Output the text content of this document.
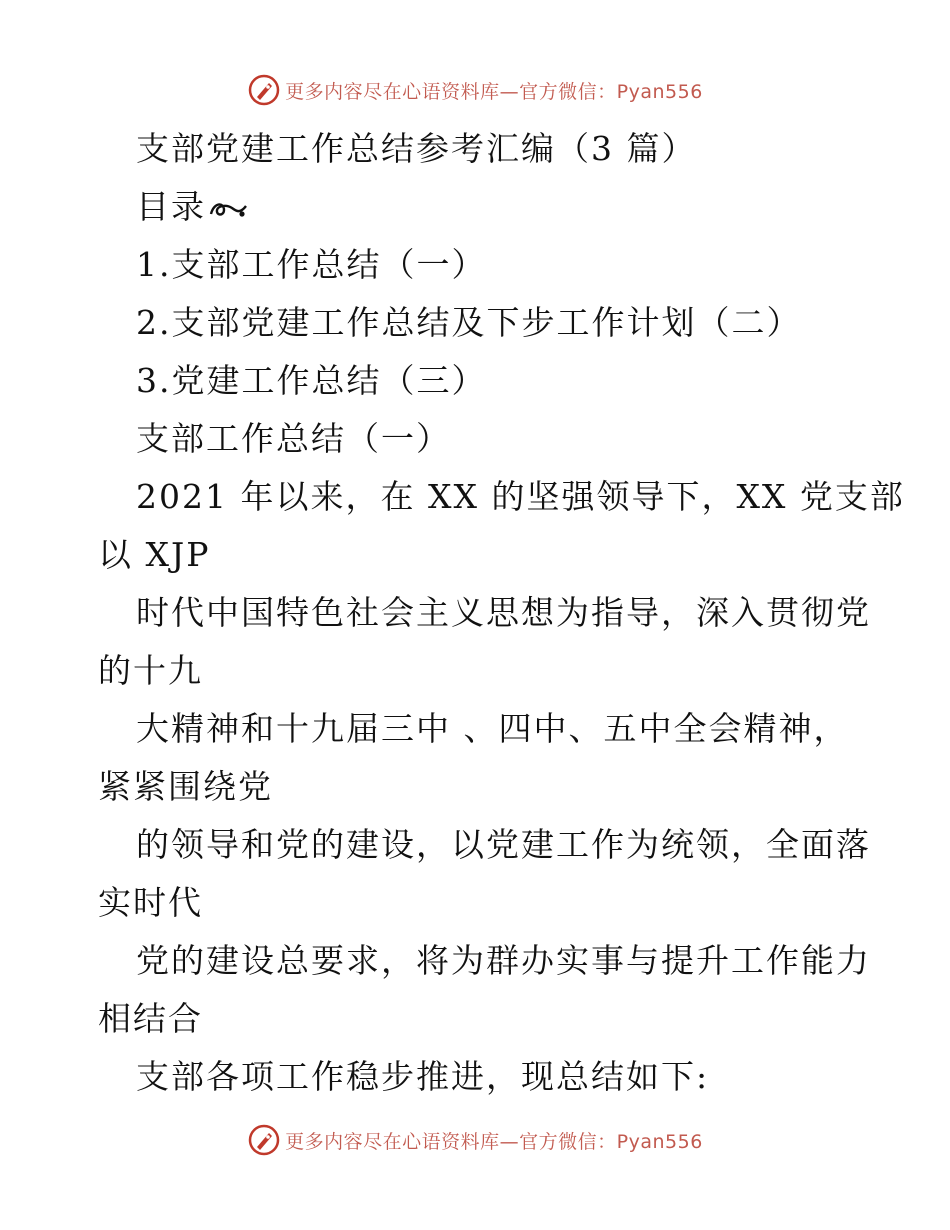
更多内容尽在心语资料库—官方微信：Pyan556
支部党建工作总结参考汇编（3 篇）
目录
1.支部工作总结（一）
2.支部党建工作总结及下步工作计划（二）
3.党建工作总结（三）
支部工作总结（一）
2021 年以来，在 XX 的坚强领导下，XX 党支部
以 XJP
时代中国特色社会主义思想为指导，深入贯彻党
的十九
大精神和十九届三中 、四中、五中全会精神，
紧紧围绕党
的领导和党的建设，以党建工作为统领，全面落
实时代
党的建设总要求，将为群办实事与提升工作能力
相结合
支部各项工作稳步推进，现总结如下:
更多内容尽在心语资料库—官方微信：Pyan556
